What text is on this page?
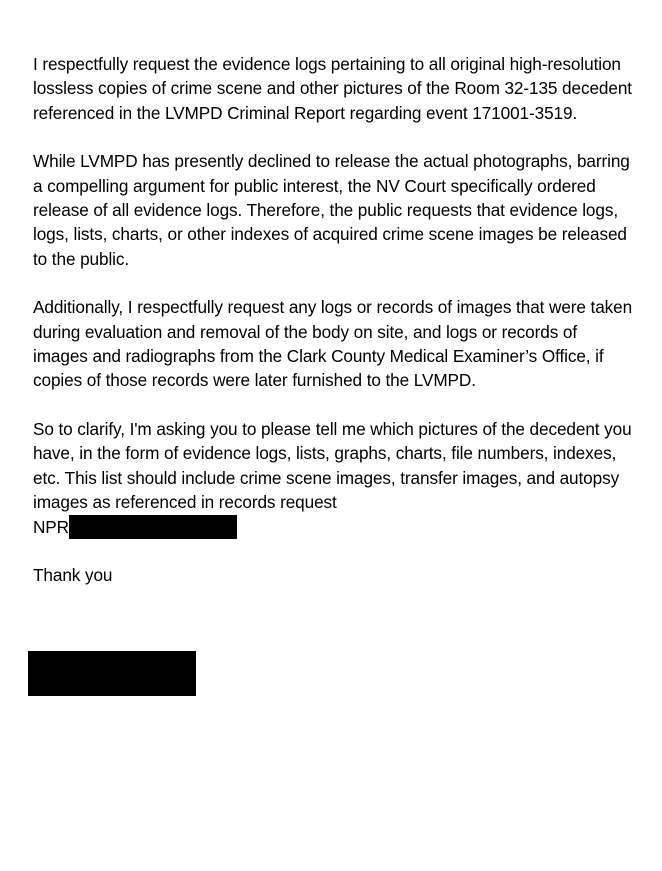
I respectfully request the evidence logs pertaining to all original high-resolution lossless copies of crime scene and other pictures of the Room 32-135 decedent referenced in the LVMPD Criminal Report regarding event 171001-3519.

While LVMPD has presently declined to release the actual photographs, barring a compelling argument for public interest, the NV Court specifically ordered release of all evidence logs. Therefore, the public requests that evidence logs, logs, lists, charts, or other indexes of acquired crime scene images be released to the public.

Additionally, I respectfully request any logs or records of images that were taken during evaluation and removal of the body on site, and logs or records of images and radiographs from the Clark County Medical Examiner’s Office, if copies of those records were later furnished to the LVMPD.

So to clarify, I'm asking you to please tell me which pictures of the decedent you have, in the form of evidence logs, lists, graphs, charts, file numbers, indexes, etc. This list should include crime scene images, transfer images, and autopsy images as referenced in records request
NPR

Thank you
